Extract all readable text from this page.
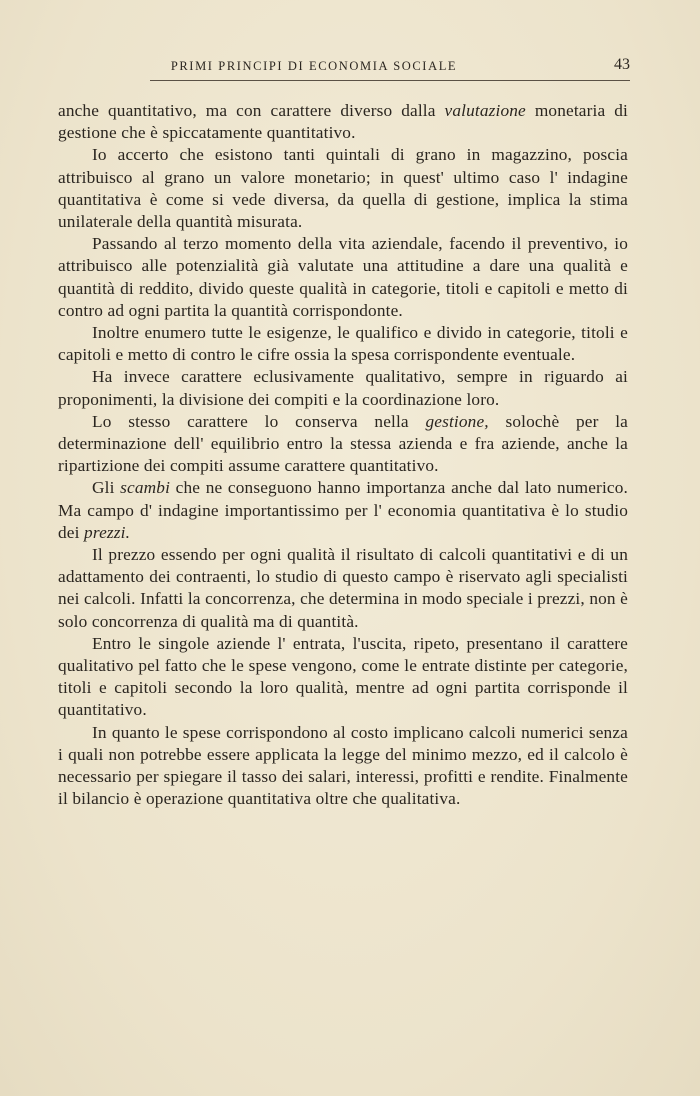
PRIMI PRINCIPI DI ECONOMIA SOCIALE	43

anche quantitativo, ma con carattere diverso dalla valutazione monetaria di gestione che è spiccatamente quantitativo.

Io accerto che esistono tanti quintali di grano in magazzino, poscia attribuisco al grano un valore monetario; in quest' ultimo caso l' indagine quantitativa è come si vede diversa, da quella di gestione, implica la stima unilaterale della quantità misurata.

Passando al terzo momento della vita aziendale, facendo il preventivo, io attribuisco alle potenzialità già valutate una attitudine a dare una qualità e quantità di reddito, divido queste qualità in categorie, titoli e capitoli e metto di contro ad ogni partita la quantità corrispondonte.

Inoltre enumero tutte le esigenze, le qualifico e divido in categorie, titoli e capitoli e metto di contro le cifre ossia la spesa corrispondente eventuale.

Ha invece carattere eclusivamente qualitativo, sempre in riguardo ai proponimenti, la divisione dei compiti e la coordinazione loro.

Lo stesso carattere lo conserva nella gestione, solochè per la determinazione dell' equilibrio entro la stessa azienda e fra aziende, anche la ripartizione dei compiti assume carattere quantitativo.

Gli scambi che ne conseguono hanno importanza anche dal lato numerico. Ma campo d' indagine importantissimo per l' economia quantitativa è lo studio dei prezzi.

Il prezzo essendo per ogni qualità il risultato di calcoli quantitativi e di un adattamento dei contraenti, lo studio di questo campo è riservato agli specialisti nei calcoli. Infatti la concorrenza, che determina in modo speciale i prezzi, non è solo concorrenza di qualità ma di quantità.

Entro le singole aziende l' entrata, l'uscita, ripeto, presentano il carattere qualitativo pel fatto che le spese vengono, come le entrate distinte per categorie, titoli e capitoli secondo la loro qualità, mentre ad ogni partita corrisponde il quantitativo.

In quanto le spese corrispondono al costo implicano calcoli numerici senza i quali non potrebbe essere applicata la legge del minimo mezzo, ed il calcolo è necessario per spiegare il tasso dei salari, interessi, profitti e rendite. Finalmente il bilancio è operazione quantitativa oltre che qualitativa.
